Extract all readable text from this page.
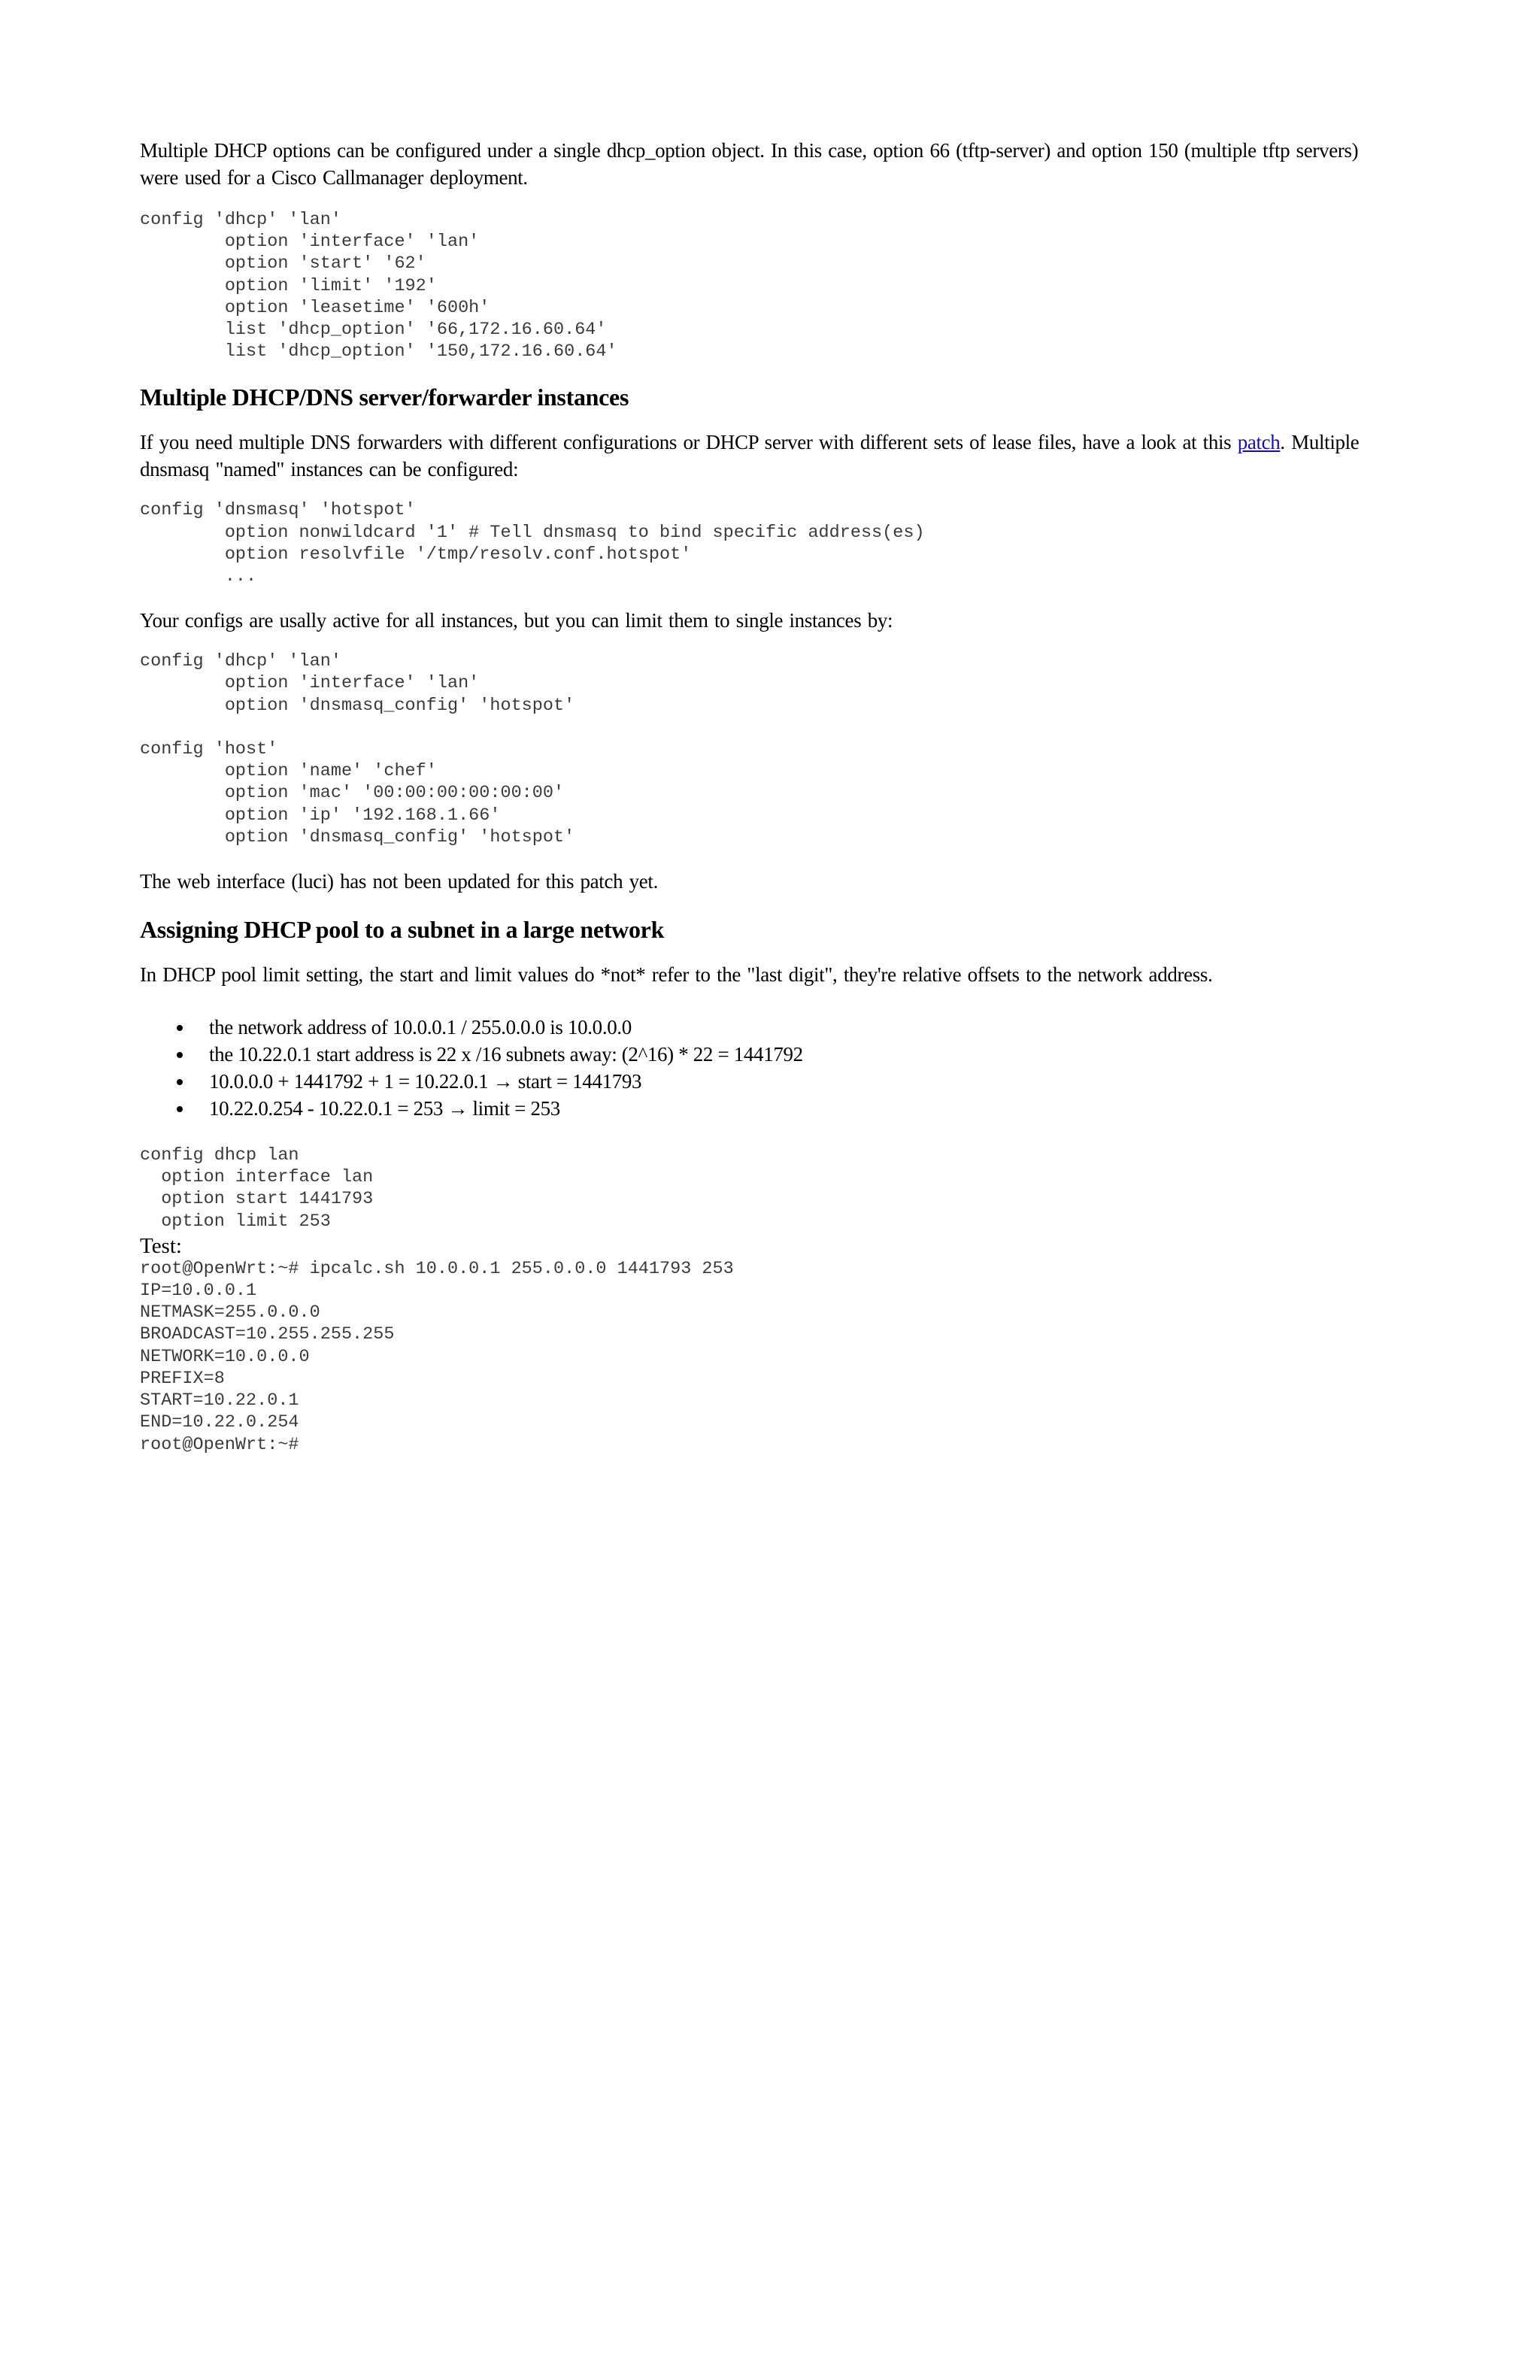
Multiple DHCP options can be configured under a single dhcp_option object. In this case, option 66 (tftp-server) and option 150 (multiple tftp servers) were used for a Cisco Callmanager deployment.

config 'dhcp' 'lan'
option 'interface' 'lan'
option 'start' '62'
option 'limit' '192'
option 'leasetime' '600h'
list 'dhcp_option' '66,172.16.60.64'
list 'dhcp_option' '150,172.16.60.64'
Multiple DHCP/DNS server/forwarder instances

If you need multiple DNS forwarders with different configurations or DHCP server with different sets of lease files, have a look at this patch. Multiple dnsmasq "named" instances can be configured:

config 'dnsmasq' 'hotspot'
option nonwildcard '1' # Tell dnsmasq to bind specific address(es)
option resolvfile '/tmp/resolv.conf.hotspot'
...

Your configs are usally active for all instances, but you can limit them to single instances by:

config 'dhcp' 'lan'
option 'interface' 'lan'
option 'dnsmasq_config' 'hotspot'

config 'host'
option 'name' 'chef'
option 'mac' '00:00:00:00:00:00'
option 'ip' '192.168.1.66'
option 'dnsmasq_config' 'hotspot'

The web interface (luci) has not been updated for this patch yet.

Assigning DHCP pool to a subnet in a large network

In DHCP pool limit setting, the start and limit values do *not* refer to the "last digit", they're relative offsets to the network address.

the network address of 10.0.0.1 / 255.0.0.0 is 10.0.0.0
the 10.22.0.1 start address is 22 x /16 subnets away: (2^16) * 22 = 1441792
10.0.0.0 + 1441792 + 1 = 10.22.0.1 → start = 1441793
10.22.0.254 - 10.22.0.1 = 253 → limit = 253
config dhcp lan
option interface lan
option start 1441793
option limit 253
Test:
root@OpenWrt:~# ipcalc.sh 10.0.0.1 255.0.0.0 1441793 253
IP=10.0.0.1
NETMASK=255.0.0.0
BROADCAST=10.255.255.255
NETWORK=10.0.0.0
PREFIX=8
START=10.22.0.1
END=10.22.0.254
root@OpenWrt:~#
